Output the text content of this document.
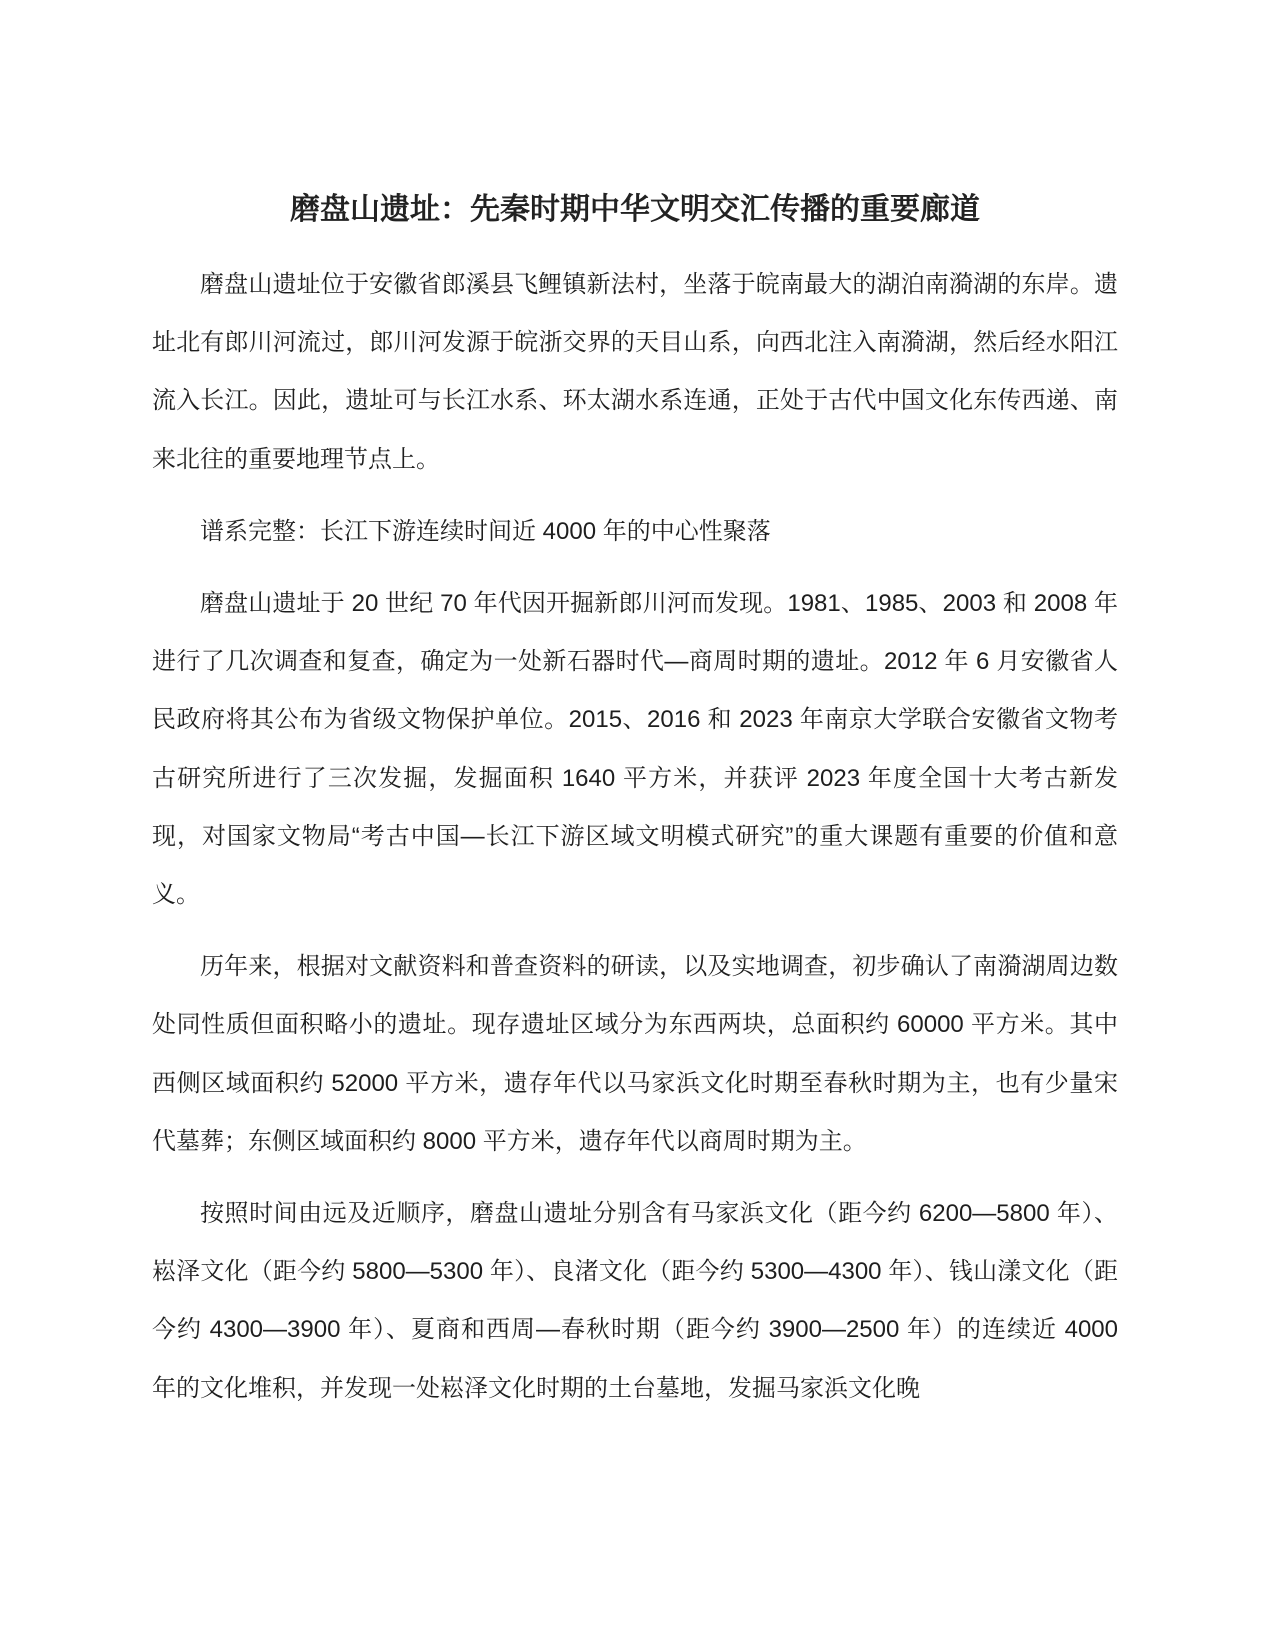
磨盘山遗址：先秦时期中华文明交汇传播的重要廊道

磨盘山遗址位于安徽省郎溪县飞鲤镇新法村，坐落于皖南最大的湖泊南漪湖的东岸。遗址北有郎川河流过，郎川河发源于皖浙交界的天目山系，向西北注入南漪湖，然后经水阳江流入长江。因此，遗址可与长江水系、环太湖水系连通，正处于古代中国文化东传西递、南来北往的重要地理节点上。

谱系完整：长江下游连续时间近 4000 年的中心性聚落

磨盘山遗址于 20 世纪 70 年代因开掘新郎川河而发现。1981、1985、2003 和 2008 年进行了几次调查和复查，确定为一处新石器时代—商周时期的遗址。2012 年 6 月安徽省人民政府将其公布为省级文物保护单位。2015、2016 和 2023 年南京大学联合安徽省文物考古研究所进行了三次发掘，发掘面积 1640 平方米，并获评 2023 年度全国十大考古新发现，对国家文物局“考古中国—长江下游区域文明模式研究”的重大课题有重要的价值和意义。

历年来，根据对文献资料和普查资料的研读，以及实地调查，初步确认了南漪湖周边数处同性质但面积略小的遗址。现存遗址区域分为东西两块，总面积约 60000 平方米。其中西侧区域面积约 52000 平方米，遗存年代以马家浜文化时期至春秋时期为主，也有少量宋代墓葬；东侧区域面积约 8000 平方米，遗存年代以商周时期为主。

按照时间由远及近顺序，磨盘山遗址分别含有马家浜文化（距今约 6200—5800 年）、崧泽文化（距今约 5800—5300 年）、良渚文化（距今约 5300—4300 年）、钱山漾文化（距今约 4300—3900 年）、夏商和西周—春秋时期（距今约 3900—2500 年）的连续近 4000 年的文化堆积，并发现一处崧泽文化时期的土台墓地，发掘马家浜文化晚
